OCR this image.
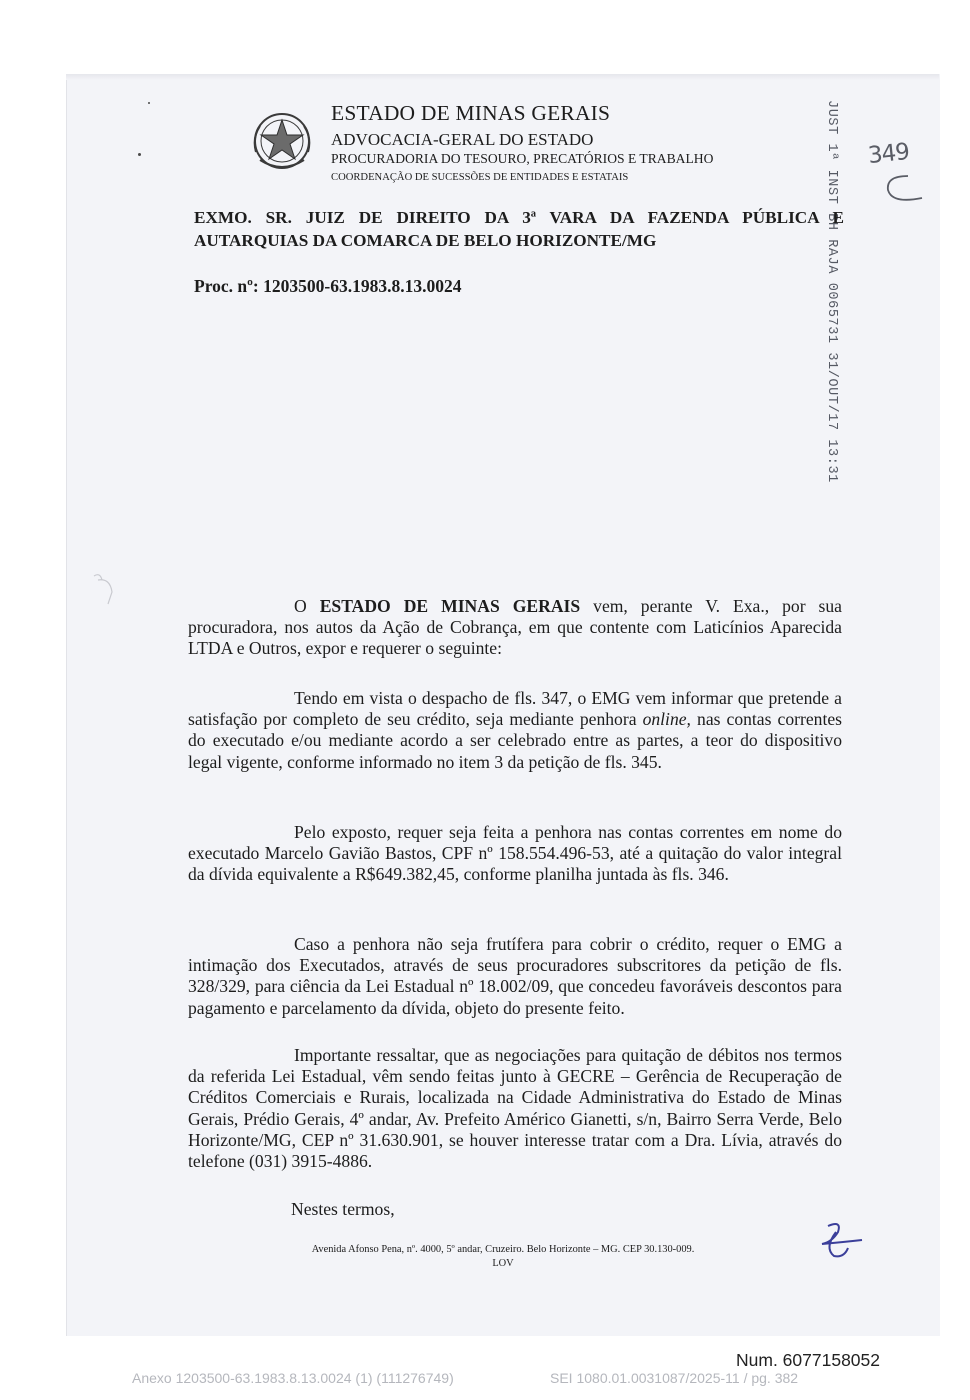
ESTADO DE MINAS GERAIS
ADVOCACIA-GERAL DO ESTADO
PROCURADORIA DO TESOURO, PRECATÓRIOS E TRABALHO
COORDENAÇÃO DE SUCESSÕES DE ENTIDADES E ESTATAIS	JUST 1ª INST BH RAJA 0065731 31/OUT/17 13:31 349
EXMO. SR. JUIZ DE DIREITO DA 3ª VARA DA FAZENDA PÚBLICA E
AUTARQUIAS DA COMARCA DE BELO HORIZONTE/MG
Proc. nº: 1203500-63.1983.8.13.0024
O ESTADO DE MINAS GERAIS vem, perante V. Exa., por sua procuradora, nos autos da Ação de Cobrança, em que contente com Laticínios Aparecida LTDA e Outros, expor e requerer o seguinte:
Tendo em vista o despacho de fls. 347, o EMG vem informar que pretende a satisfação por completo de seu crédito, seja mediante penhora online, nas contas correntes do executado e/ou mediante acordo a ser celebrado entre as partes, a teor do dispositivo legal vigente, conforme informado no item 3 da petição de fls. 345.
Pelo exposto, requer seja feita a penhora nas contas correntes em nome do executado Marcelo Gavião Bastos, CPF nº 158.554.496-53, até a quitação do valor integral da dívida equivalente a R$649.382,45, conforme planilha juntada às fls. 346.
Caso a penhora não seja frutífera para cobrir o crédito, requer o EMG a intimação dos Executados, através de seus procuradores subscritores da petição de fls. 328/329, para ciência da Lei Estadual nº 18.002/09, que concedeu favoráveis descontos para pagamento e parcelamento da dívida, objeto do presente feito.
Importante ressaltar, que as negociações para quitação de débitos nos termos da referida Lei Estadual, vêm sendo feitas junto à GECRE – Gerência de Recuperação de Créditos Comerciais e Rurais, localizada na Cidade Administrativa do Estado de Minas Gerais, Prédio Gerais, 4º andar, Av. Prefeito Américo Gianetti, s/n, Bairro Serra Verde, Belo Horizonte/MG, CEP nº 31.630.901, se houver interesse tratar com a Dra. Lívia, através do telefone (031) 3915-4886.
Nestes termos,
Avenida Afonso Pena, nº. 4000, 5º andar, Cruzeiro. Belo Horizonte – MG. CEP 30.130-009.
LOV
Num. 6077158052
Anexo 1203500-63.1983.8.13.0024 (1) (111276749)	SEI 1080.01.0031087/2025-11 / pg. 382
